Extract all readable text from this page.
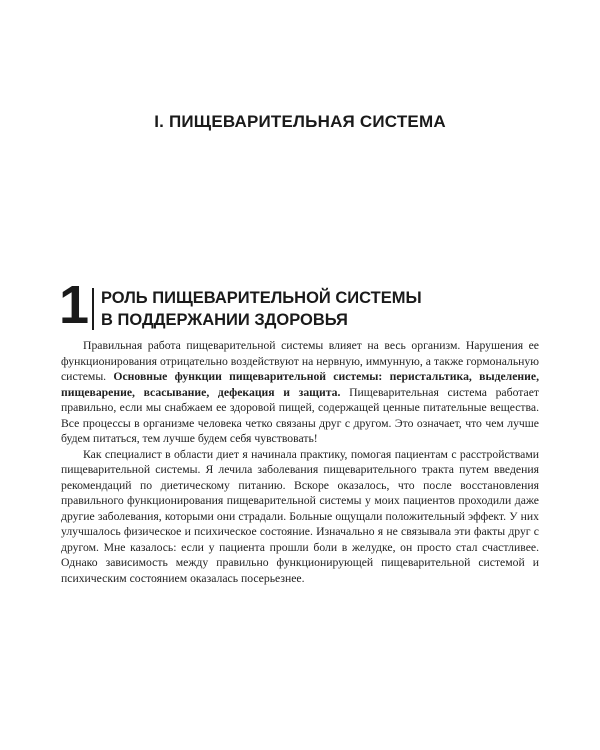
I. ПИЩЕВАРИТЕЛЬНАЯ СИСТЕМА
1 РОЛЬ ПИЩЕВАРИТЕЛЬНОЙ СИСТЕМЫ
В ПОДДЕРЖАНИИ ЗДОРОВЬЯ

Правильная работа пищеварительной системы влияет на весь организм. Нарушения ее функционирования отрицательно воздействуют на нервную, иммунную, а также гормональную системы. Основные функции пищеварительной системы: перистальтика, выделение, пищеварение, всасывание, дефекация и защита. Пищеварительная система работает правильно, если мы снабжаем ее здоровой пищей, содержащей ценные питательные вещества. Все процессы в организме человека четко связаны друг с другом. Это означает, что чем лучше будем питаться, тем лучше будем себя чувствовать!

Как специалист в области диет я начинала практику, помогая пациентам с расстройствами пищеварительной системы. Я лечила заболевания пищеварительного тракта путем введения рекомендаций по диетическому питанию. Вскоре оказалось, что после восстановления правильного функционирования пищеварительной системы у моих пациентов проходили даже другие заболевания, которыми они страдали. Больные ощущали положительный эффект. У них улучшалось физическое и психическое состояние. Изначально я не связывала эти факты друг с другом. Мне казалось: если у пациента прошли боли в желудке, он просто стал счастливее. Однако зависимость между правильно функционирующей пищеварительной системой и психическим состоянием оказалась посерьезнее.
